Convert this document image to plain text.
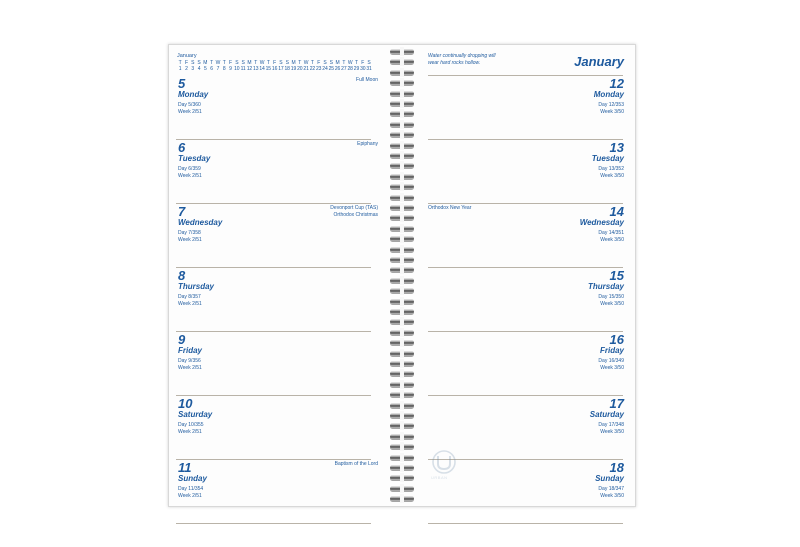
January
T F S S M T W T F S S M T W T F S S M T W T F S S M T W T F S
1 2 3 4 5 6 7 8 9 10 11 12 13 14 15 16 17 18 19 20 21 22 23 24 25 26 27 28 29 30 31
5
Monday
Day 5/360
Week 2/51
Full Moon
6
Tuesday
Day 6/359
Week 2/51
Epiphany
7
Wednesday
Day 7/358
Week 2/51
Devonport Cup (TAS)
Orthodox Christmas
8
Thursday
Day 8/357
Week 2/51
9
Friday
Day 9/356
Week 2/51
10
Saturday
Day 10/355
Week 2/51
11
Sunday
Day 11/354
Week 2/51
Baptism of the Lord
Water continually dropping will
wear hard rocks hollow.	January
12
Monday
Day 12/353
Week 3/50
13
Tuesday
Day 13/352
Week 3/50
14
Wednesday
Day 14/351
Week 3/50
Orthodox New Year
15
Thursday
Day 15/350
Week 3/50
16
Friday
Day 16/349
Week 3/50
17
Saturday
Day 17/348
Week 3/50
18
Sunday
Day 18/347
Week 3/50
URBAN
